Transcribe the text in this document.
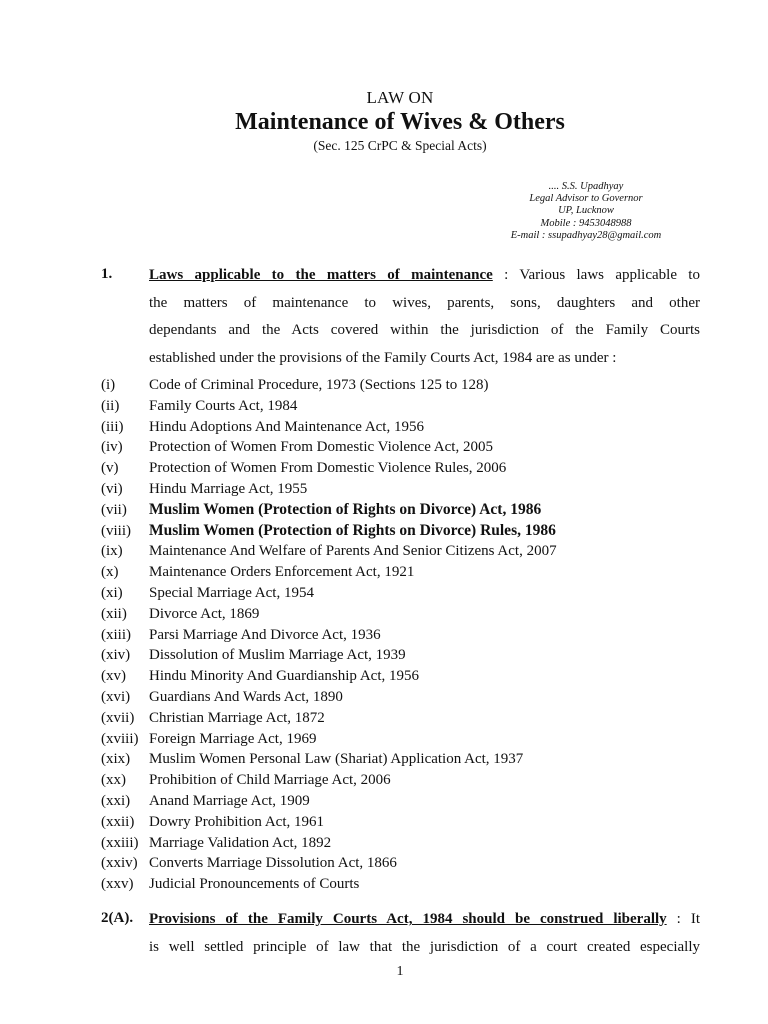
LAW ON
Maintenance of Wives & Others
(Sec. 125 CrPC & Special Acts)
.... S.S. Upadhyay
Legal Advisor to Governor
UP, Lucknow
Mobile : 9453048988
E-mail : ssupadhyay28@gmail.com
1. Laws applicable to the matters of maintenance : Various laws applicable to
the matters of maintenance to wives, parents, sons, daughters and other
dependants and the Acts covered within the jurisdiction of the Family Courts
established under the provisions of the Family Courts Act, 1984 are as under :
(i) Code of Criminal Procedure, 1973 (Sections 125 to 128)
(ii) Family Courts Act, 1984
(iii) Hindu Adoptions And Maintenance Act, 1956
(iv) Protection of Women From Domestic Violence Act, 2005
(v) Protection of Women From Domestic Violence Rules, 2006
(vi) Hindu Marriage Act, 1955
(vii) Muslim Women (Protection of Rights on Divorce) Act, 1986
(viii) Muslim Women (Protection of Rights on Divorce) Rules, 1986
(ix) Maintenance And Welfare of Parents And Senior Citizens Act, 2007
(x) Maintenance Orders Enforcement Act, 1921
(xi) Special Marriage Act, 1954
(xii) Divorce Act, 1869
(xiii) Parsi Marriage And Divorce Act, 1936
(xiv) Dissolution of Muslim Marriage Act, 1939
(xv) Hindu Minority And Guardianship Act, 1956
(xvi) Guardians And Wards Act, 1890
(xvii) Christian Marriage Act, 1872
(xviii) Foreign Marriage Act, 1969
(xix) Muslim Women Personal Law (Shariat) Application Act, 1937
(xx) Prohibition of Child Marriage Act, 2006
(xxi) Anand Marriage Act, 1909
(xxii) Dowry Prohibition Act, 1961
(xxiii) Marriage Validation Act, 1892
(xxiv) Converts Marriage Dissolution Act, 1866
(xxv) Judicial Pronouncements of Courts
2(A). Provisions of the Family Courts Act, 1984 should be construed liberally : It
is well settled principle of law that the jurisdiction of a court created especially
1
